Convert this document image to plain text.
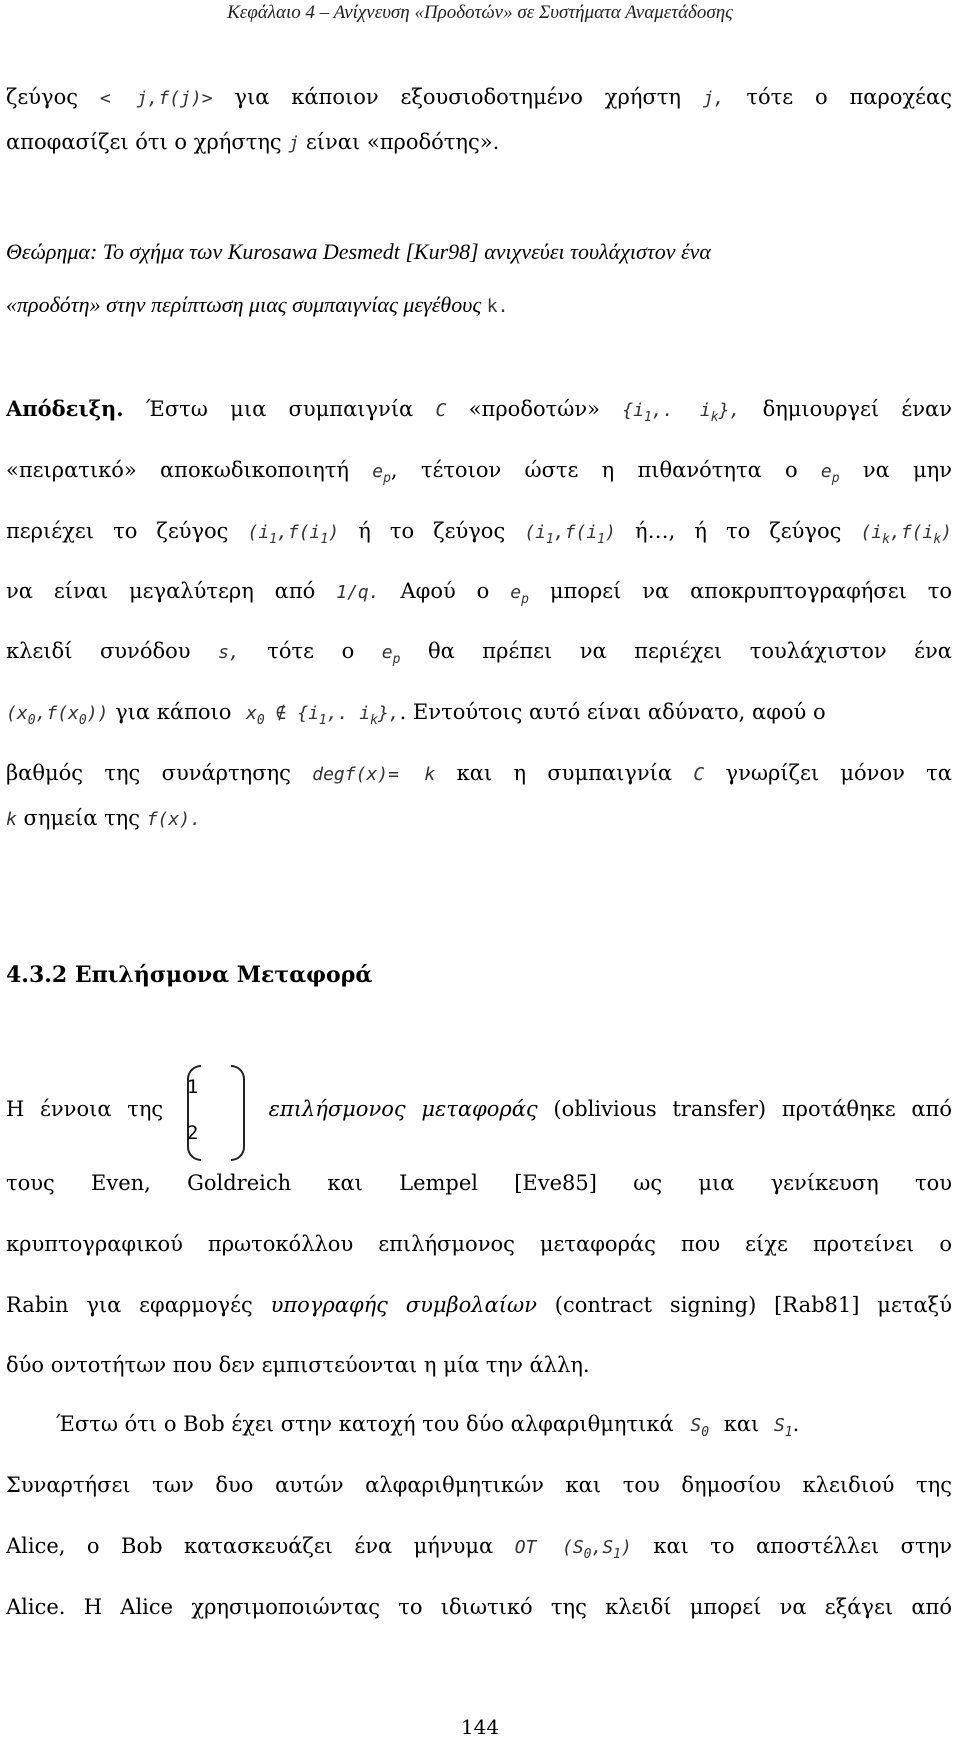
Κεφάλαιο 4 – Ανίχνευση «Προδοτών» σε Συστήματα Αναμετάδοσης
ζεύγος < j,f(j)> για κάποιον εξουσιοδοτημένο χρήστη j, τότε ο παροχέας
αποφασίζει ότι ο χρήστης j είναι «προδότης».
Θεώρημα: Το σχήμα των Kurosawa Desmedt [Kur98] ανιχνεύει τουλάχιστον ένα
«προδότη» στην περίπτωση μιας συμπαιγνίας μεγέθους k.
Απόδειξη. Έστω μια συμπαιγνία C «προδοτών» {$i_1$,. $i_k$}, δημιουργεί έναν
«πειρατικό» αποκωδικοποιητή $e_p$, τέτοιον ώστε η πιθανότητα ο $e_p$ να μην
περιέχει το ζεύγος ($i_1,f(i_1)$ ή το ζεύγος ($i_1,f(i_1)$ ή…, ή το ζεύγος ($i_k,f(i_k)$
να είναι μεγαλύτερη από 1/q. Αφού ο $e_p$ μπορεί να αποκρυπτογραφήσει το
κλειδί συνόδου s, τότε ο $e_p$ θα πρέπει να περιέχει τουλάχιστον ένα
$(x_0,f(x_0))$ για κάποιο $x_0$ ∉ {$i_1$,. $i_k$},. Εντούτοις αυτό είναι αδύνατο, αφού ο
βαθμός της συνάρτησης degf(x)= k και η συμπαιγνία C γνωρίζει μόνον τα
k σημεία της f(x).
4.3.2 Επιλήσμονα Μεταφορά
Η έννοια της
1
2
επιλήσμονος μεταφοράς (oblivious transfer) προτάθηκε από
τους Even, Goldreich και Lempel [Eve85] ως μια γενίκευση του
κρυπτογραφικού πρωτοκόλλου επιλήσμονος μεταφοράς που είχε προτείνει ο
Rabin για εφαρμογές υπογραφής συμβολαίων (contract signing) [Rab81] μεταξύ
δύο οντοτήτων που δεν εμπιστεύονται η μία την άλλη.
Έστω ότι ο Bob έχει στην κατοχή του δύο αλφαριθμητικά $S_0$ και $S_1$.
Συναρτήσει των δυο αυτών αλφαριθμητικών και του δημοσίου κλειδιού της
Alice, ο Bob κατασκευάζει ένα μήνυμα OT $(S_0,S_1)$ και το αποστέλλει στην
Alice. Η Alice χρησιμοποιώντας το ιδιωτικό της κλειδί μπορεί να εξάγει από
144
